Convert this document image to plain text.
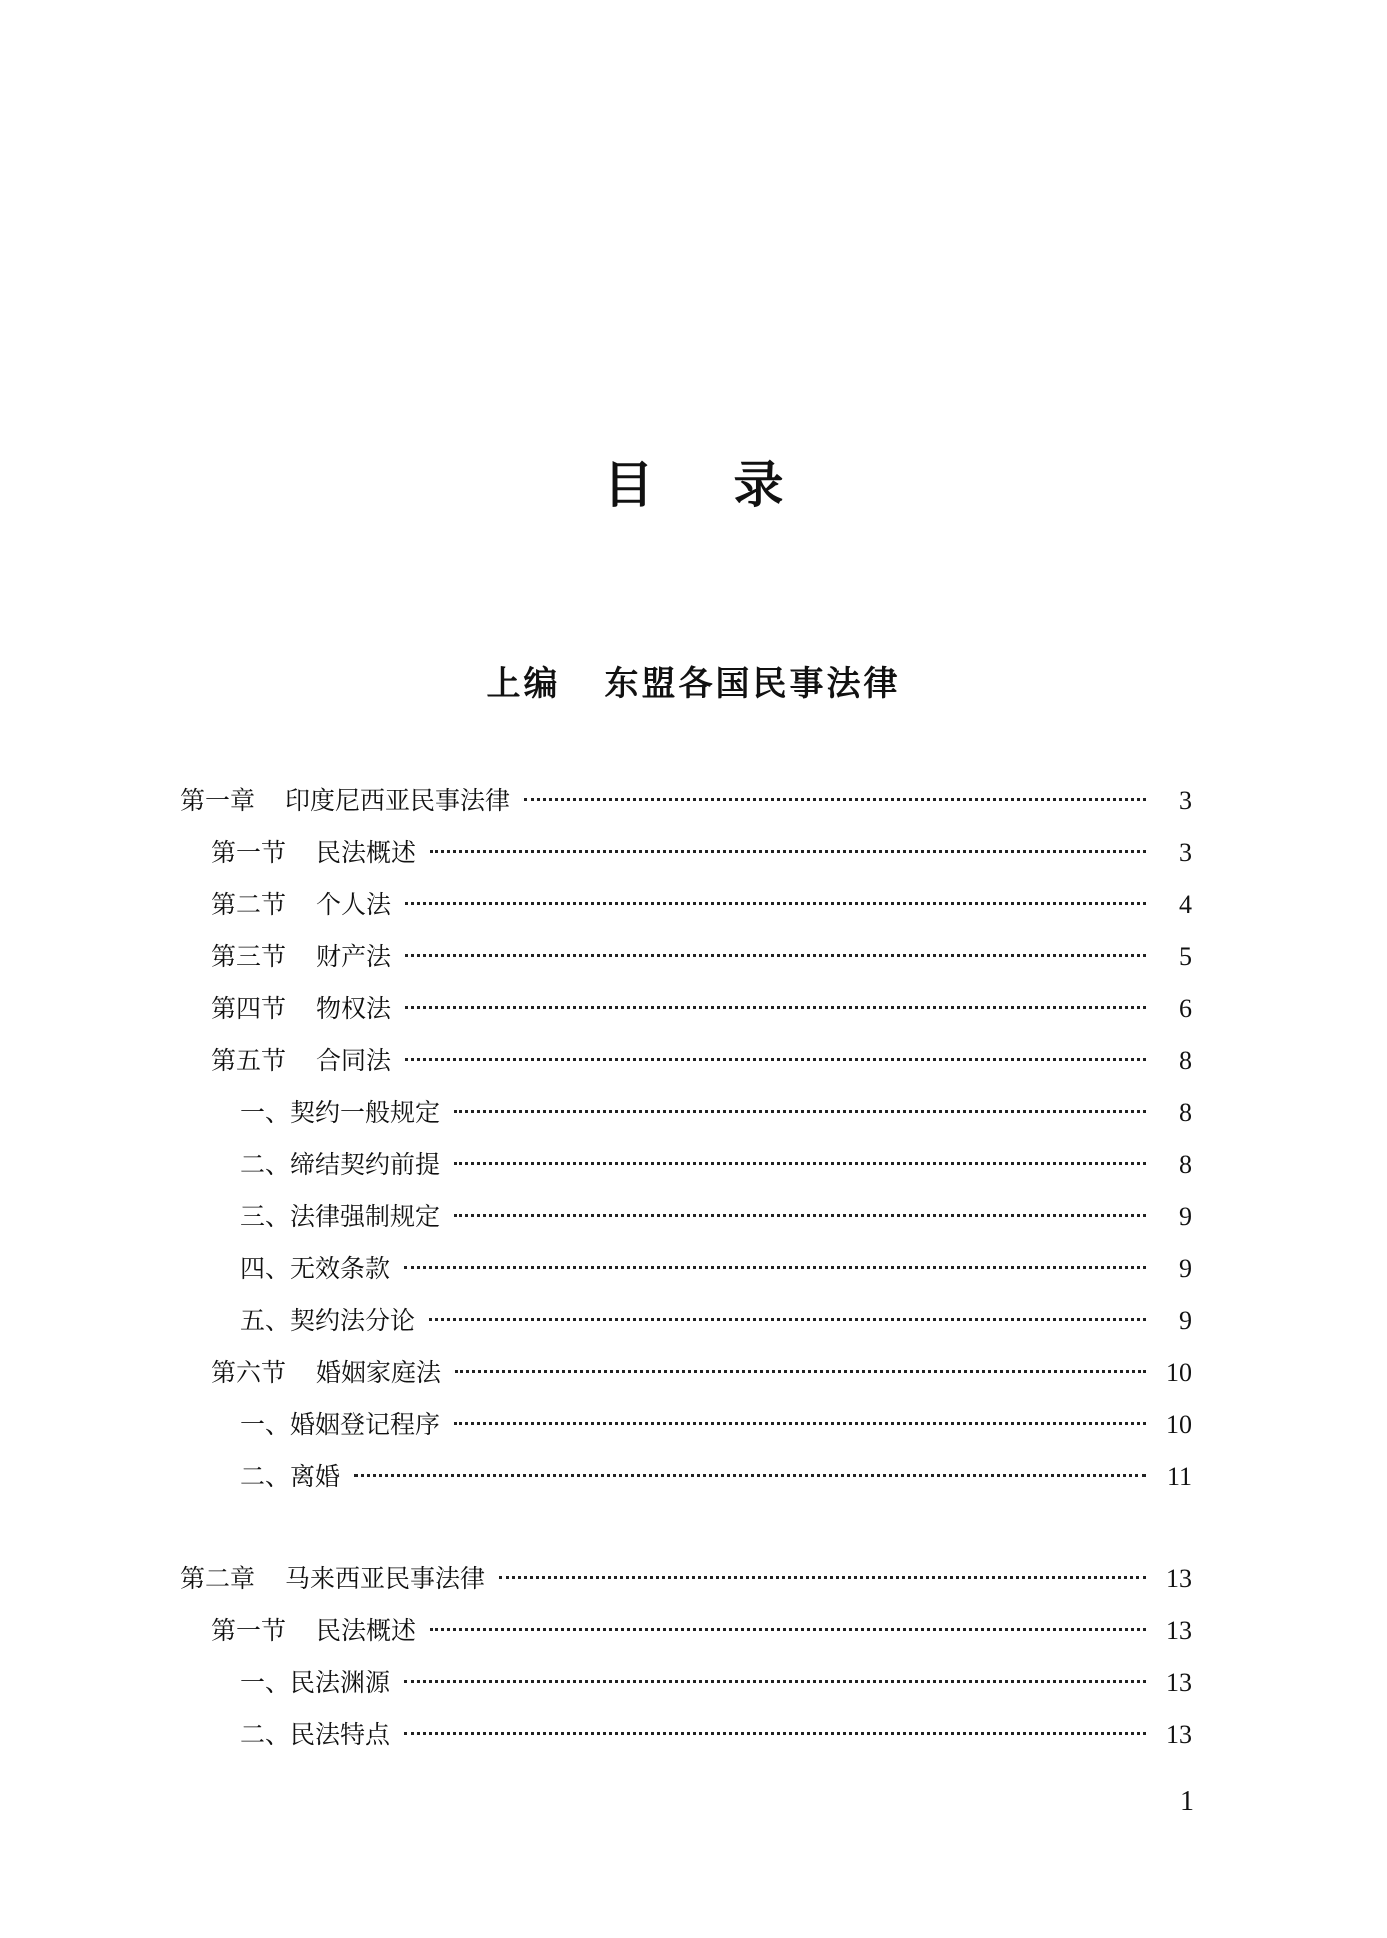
目录
上编 东盟各国民事法律
第一章 印度尼西亚民事法律	3
第一节 民法概述	3
第二节 个人法	4
第三节 财产法	5
第四节 物权法	6
第五节 合同法	8
一、 契约一般规定	8
二、 缔结契约前提	8
三、 法律强制规定	9
四、 无效条款	9
五、 契约法分论	9
第六节 婚姻家庭法	10
一、 婚姻登记程序	10
二、 离婚	11
第二章 马来西亚民事法律	13
第一节 民法概述	13
一、 民法渊源	13
二、 民法特点	13
1
